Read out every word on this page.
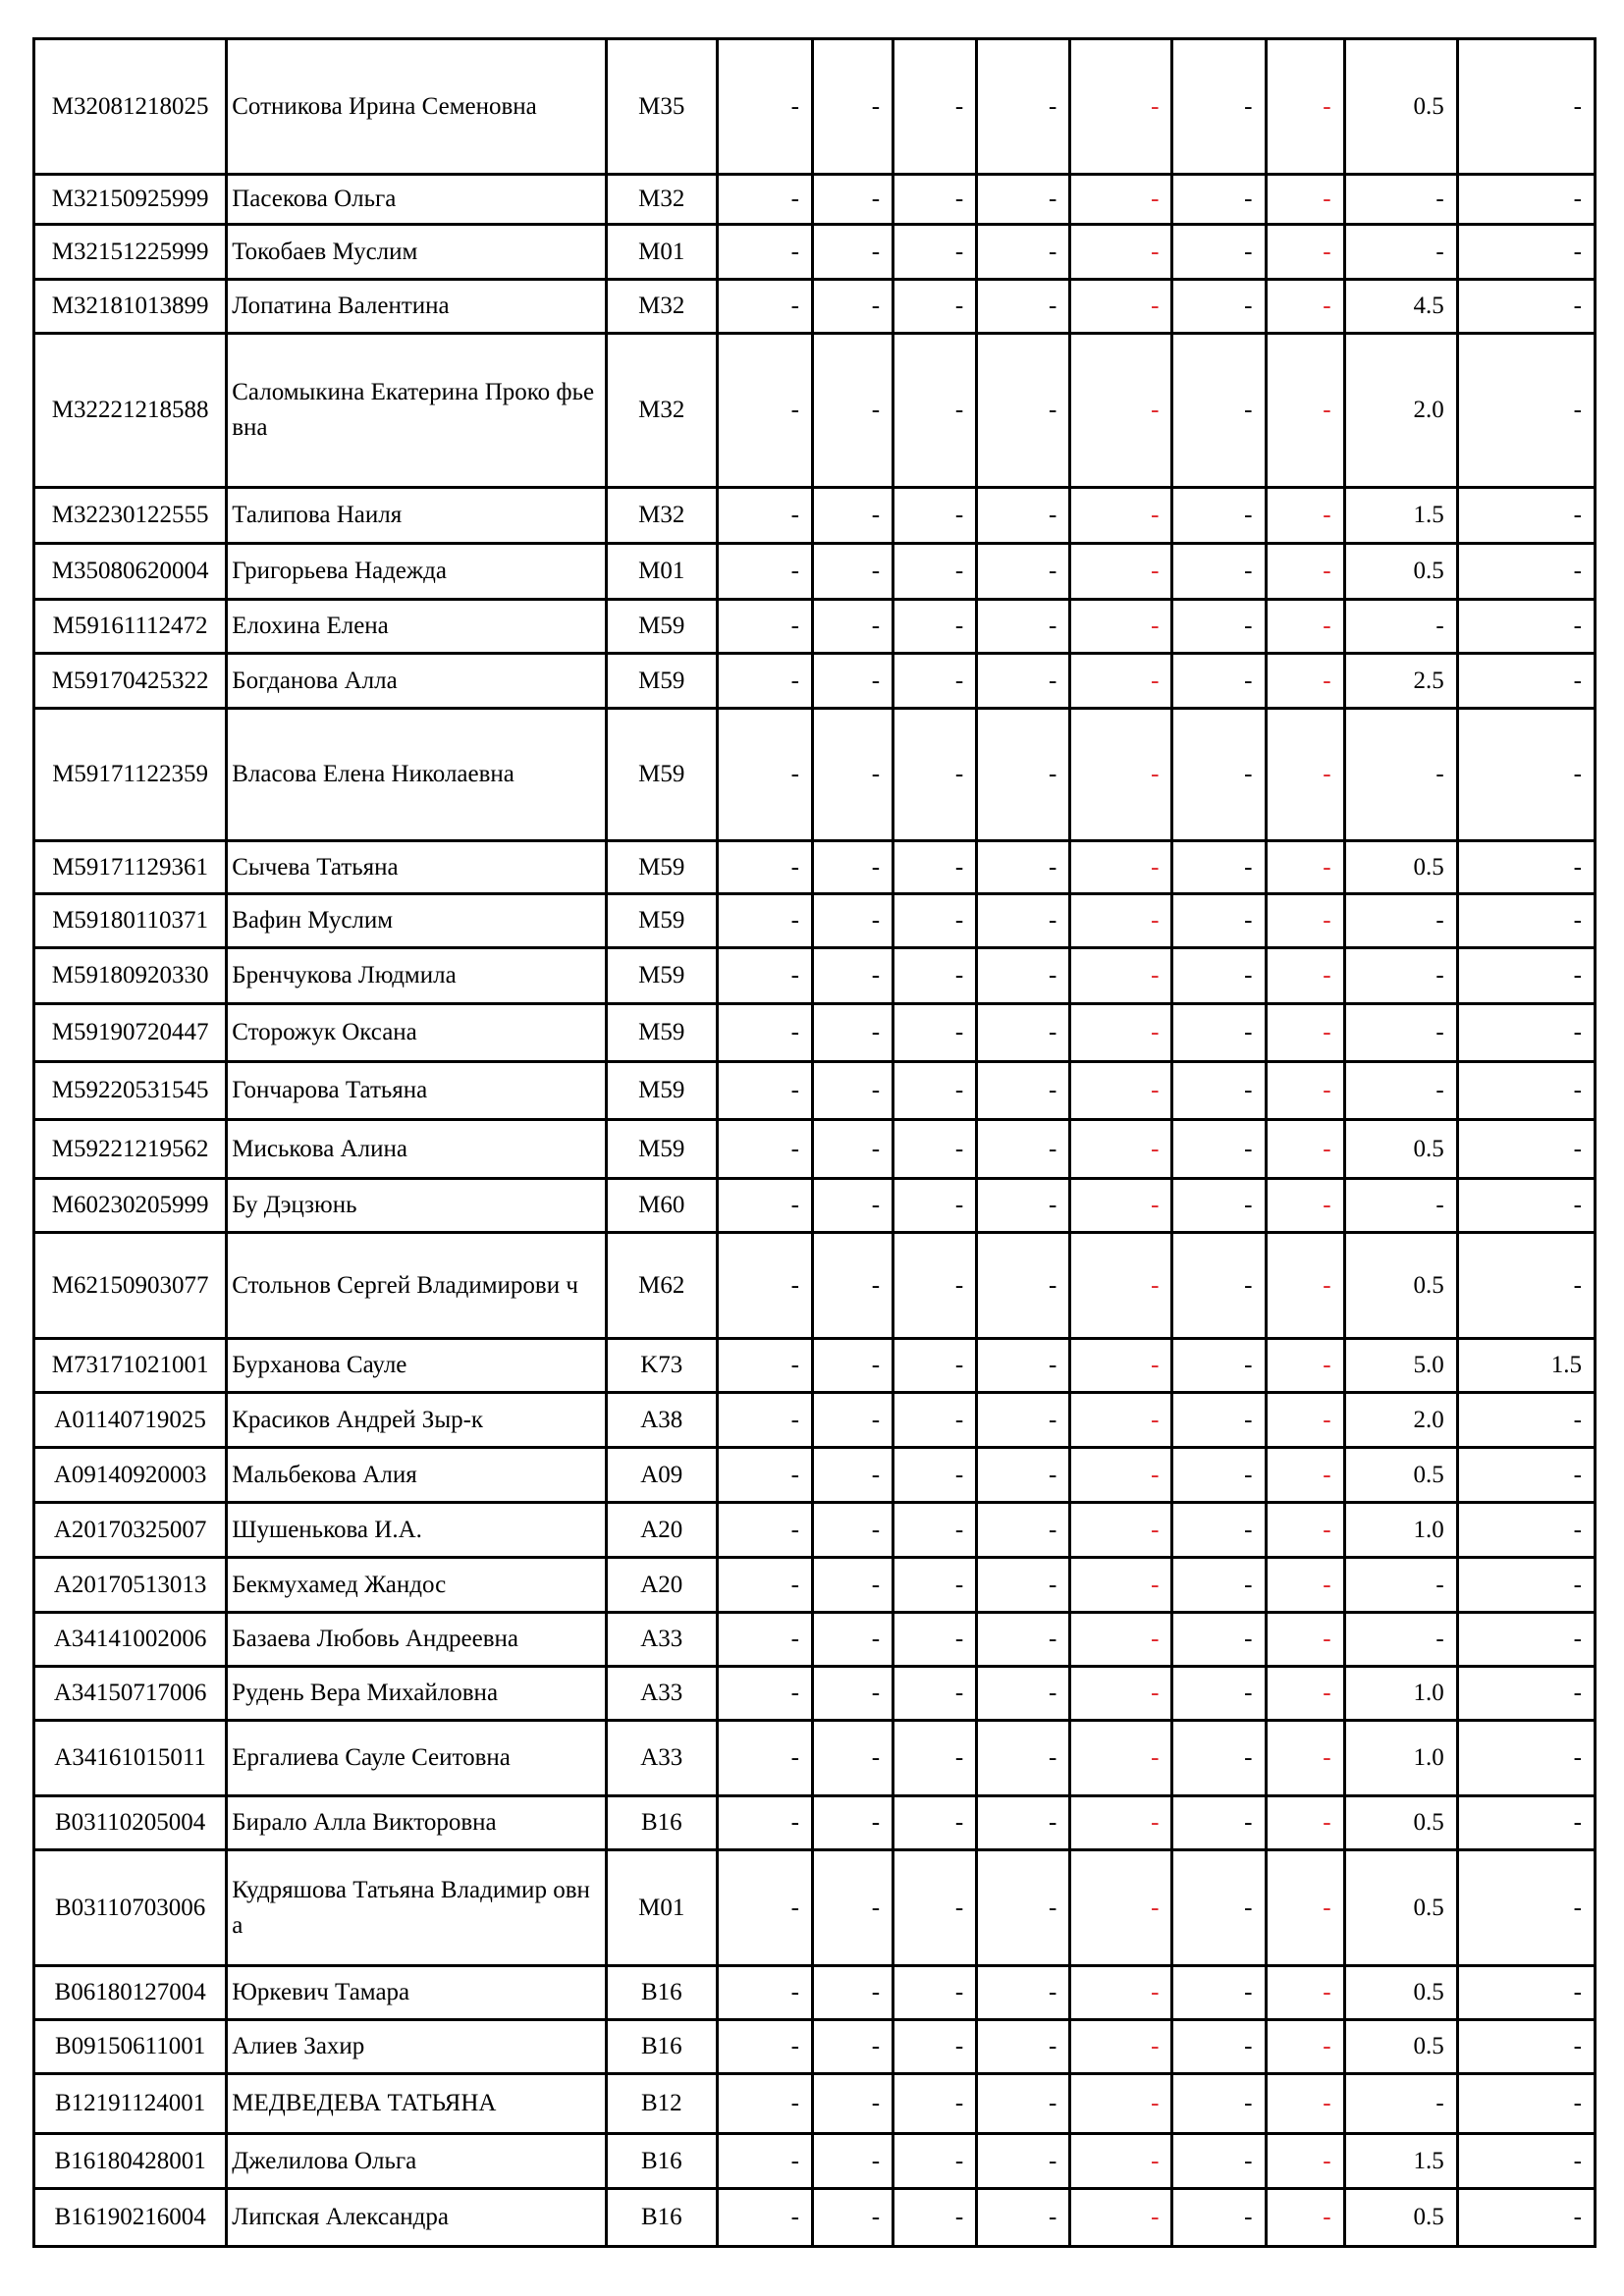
M32081218025	Сотникова Ирина Семеновна	M35	-	-	-	-	-	-	-	0.5	-
M32150925999	Пасекова Ольга	M32	-	-	-	-	-	-	-	-	-
M32151225999	Токобаев Муслим	M01	-	-	-	-	-	-	-	-	-
M32181013899	Лопатина Валентина	M32	-	-	-	-	-	-	-	4.5	-
M32221218588	Саломыкина Екатерина Проко фьевна	M32	-	-	-	-	-	-	-	2.0	-
M32230122555	Талипова Наиля	M32	-	-	-	-	-	-	-	1.5	-
M35080620004	Григорьева Надежда	M01	-	-	-	-	-	-	-	0.5	-
M59161112472	Елохина Елена	M59	-	-	-	-	-	-	-	-	-
M59170425322	Богданова Алла	M59	-	-	-	-	-	-	-	2.5	-
M59171122359	Власова Елена Николаевна	M59	-	-	-	-	-	-	-	-	-
M59171129361	Сычева Татьяна	M59	-	-	-	-	-	-	-	0.5	-
M59180110371	Вафин Муслим	M59	-	-	-	-	-	-	-	-	-
M59180920330	Бренчукова Людмила	M59	-	-	-	-	-	-	-	-	-
M59190720447	Сторожук Оксана	M59	-	-	-	-	-	-	-	-	-
M59220531545	Гончарова Татьяна	M59	-	-	-	-	-	-	-	-	-
M59221219562	Миськова Алина	M59	-	-	-	-	-	-	-	0.5	-
M60230205999	Бу Дэцзюнь	M60	-	-	-	-	-	-	-	-	-
M62150903077	Стольнов Сергей Владимирови ч	M62	-	-	-	-	-	-	-	0.5	-
M73171021001	Бурханова Сауле	K73	-	-	-	-	-	-	-	5.0	1.5
A01140719025	Красиков Андрей Зыр-к	A38	-	-	-	-	-	-	-	2.0	-
A09140920003	Мальбекова Алия	A09	-	-	-	-	-	-	-	0.5	-
A20170325007	Шушенькова И.А.	A20	-	-	-	-	-	-	-	1.0	-
A20170513013	Бекмухамед Жандос	A20	-	-	-	-	-	-	-	-	-
A34141002006	Базаева Любовь Андреевна	A33	-	-	-	-	-	-	-	-	-
A34150717006	Рудень Вера Михайловна	A33	-	-	-	-	-	-	-	1.0	-
A34161015011	Ергалиева Сауле Сеитовна	A33	-	-	-	-	-	-	-	1.0	-
B03110205004	Бирало Алла Викторовна	B16	-	-	-	-	-	-	-	0.5	-
B03110703006	Кудряшова Татьяна Владимир овна	M01	-	-	-	-	-	-	-	0.5	-
B06180127004	Юркевич Тамара	B16	-	-	-	-	-	-	-	0.5	-
B09150611001	Алиев Захир	B16	-	-	-	-	-	-	-	0.5	-
B12191124001	МЕДВЕДЕВА ТАТЬЯНА	B12	-	-	-	-	-	-	-	-	-
B16180428001	Джелилова Ольга	B16	-	-	-	-	-	-	-	1.5	-
B16190216004	Липская Александра	B16	-	-	-	-	-	-	-	0.5	-
